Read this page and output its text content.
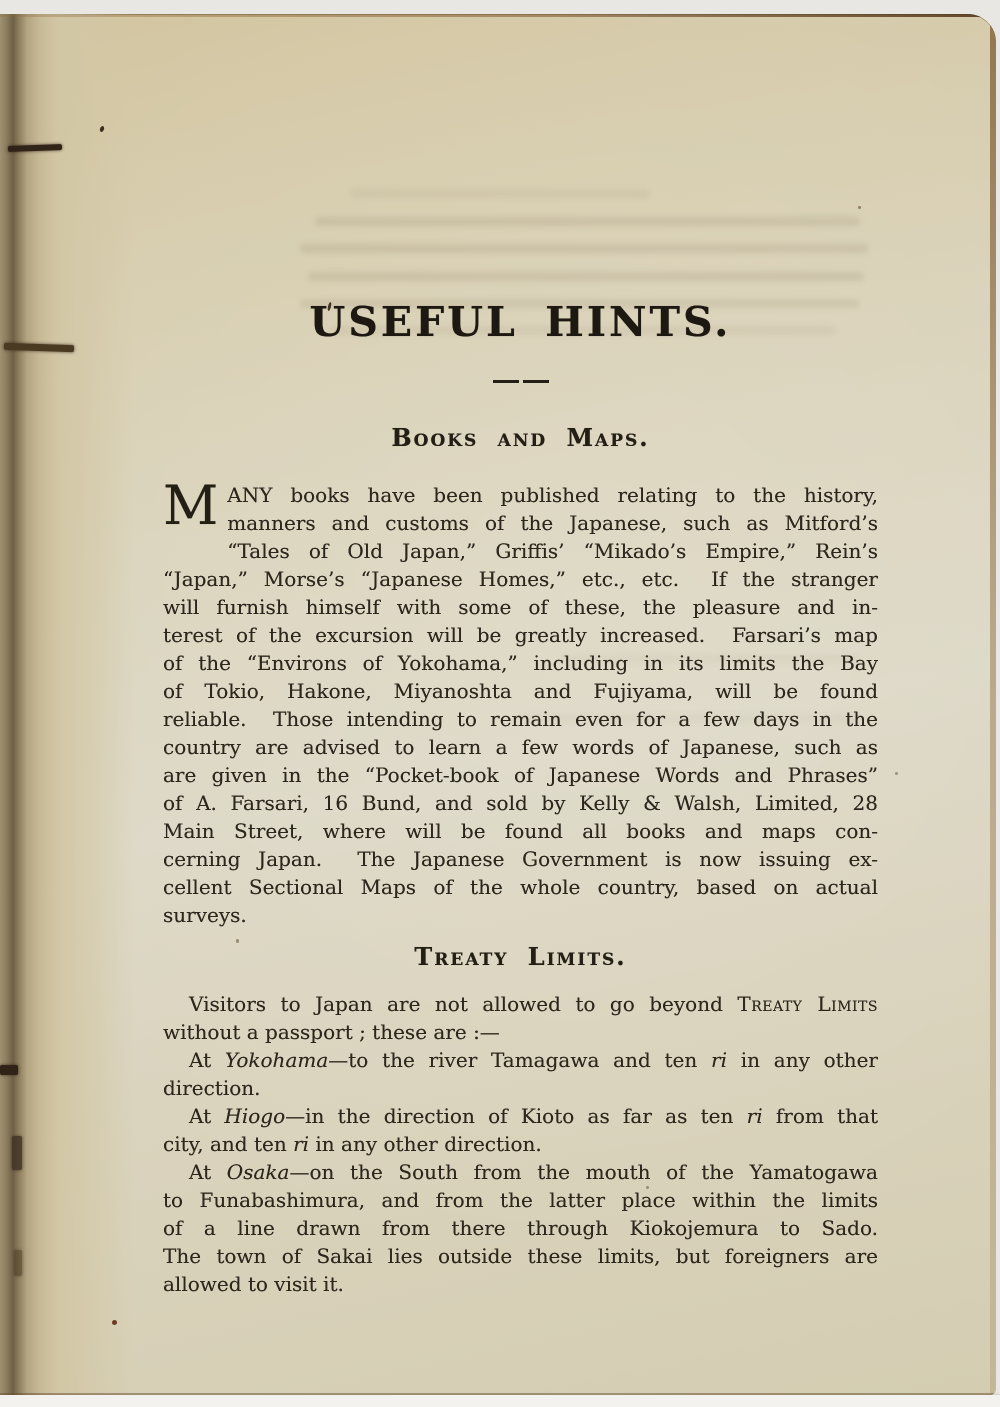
USEFUL HINTS.
Books and Maps.
M ANY books have been published relating to the history,
manners and customs of the Japanese, such as Mitford’s
“Tales of Old Japan,” Griffis’ “Mikado’s Empire,” Rein’s
“Japan,” Morse’s “Japanese Homes,” etc., etc.  If the stranger
will furnish himself with some of these, the pleasure and in-
terest of the excursion will be greatly increased.  Farsari’s map
of the “Environs of Yokohama,” including in its limits the Bay
of Tokio, Hakone, Miyanoshta and Fujiyama, will be found
reliable.  Those intending to remain even for a few days in the
country are advised to learn a few words of Japanese, such as
are given in the “Pocket-book of Japanese Words and Phrases”
of A. Farsari, 16 Bund, and sold by Kelly & Walsh, Limited, 28
Main Street, where will be found all books and maps con-
cerning Japan.  The Japanese Government is now issuing ex-
cellent Sectional Maps of the whole country, based on actual
surveys.
Treaty Limits.
Visitors to Japan are not allowed to go beyond Treaty Limits
without a passport ; these are :—
At Yokohama—to the river Tamagawa and ten ri in any other
direction.
At Hiogo—in the direction of Kioto as far as ten ri from that
city, and ten ri in any other direction.
At Osaka—on the South from the mouth of the Yamatogawa
to Funabashimura, and from the latter place within the limits
of a line drawn from there through Kiokojemura to Sado.
The town of Sakai lies outside these limits, but foreigners are
allowed to visit it.
